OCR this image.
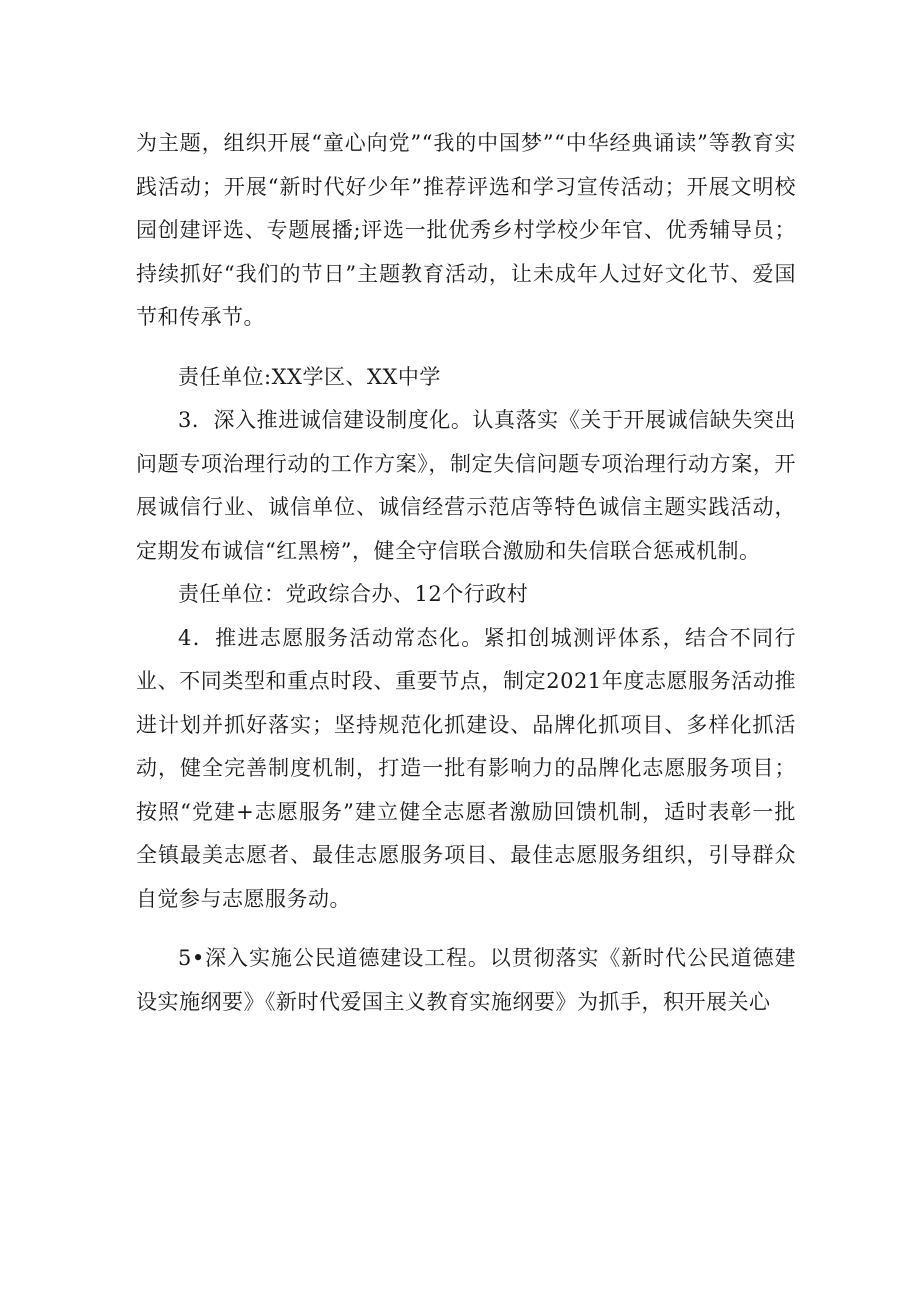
为主题，组织开展“童心向党”“我的中国梦”“中华经典诵读”等教育实践活动；开展“新时代好少年”推荐评选和学习宣传活动；开展文明校园创建评选、专题展播;评选一批优秀乡村学校少年官、优秀辅导员；持续抓好“我们的节日”主题教育活动，让未成年人过好文化节、爱国节和传承节。

责任单位:XX学区、XX中学

3．深入推进诚信建设制度化。认真落实《关于开展诚信缺失突出问题专项治理行动的工作方案》，制定失信问题专项治理行动方案，开展诚信行业、诚信单位、诚信经营示范店等特色诚信主题实践活动，定期发布诚信“红黑榜”，健全守信联合激励和失信联合惩戒机制。

责任单位：党政综合办、12个行政村

4．推进志愿服务活动常态化。紧扣创城测评体系，结合不同行业、不同类型和重点时段、重要节点，制定2021年度志愿服务活动推进计划并抓好落实；坚持规范化抓建设、品牌化抓项目、多样化抓活动，健全完善制度机制，打造一批有影响力的品牌化志愿服务项目；按照“党建+志愿服务”建立健全志愿者激励回馈机制，适时表彰一批全镇最美志愿者、最佳志愿服务项目、最佳志愿服务组织，引导群众自觉参与志愿服务动。

5•深入实施公民道德建设工程。以贯彻落实《新时代公民道德建设实施纲要》《新时代爱国主义教育实施纲要》为抓手，积开展关心
